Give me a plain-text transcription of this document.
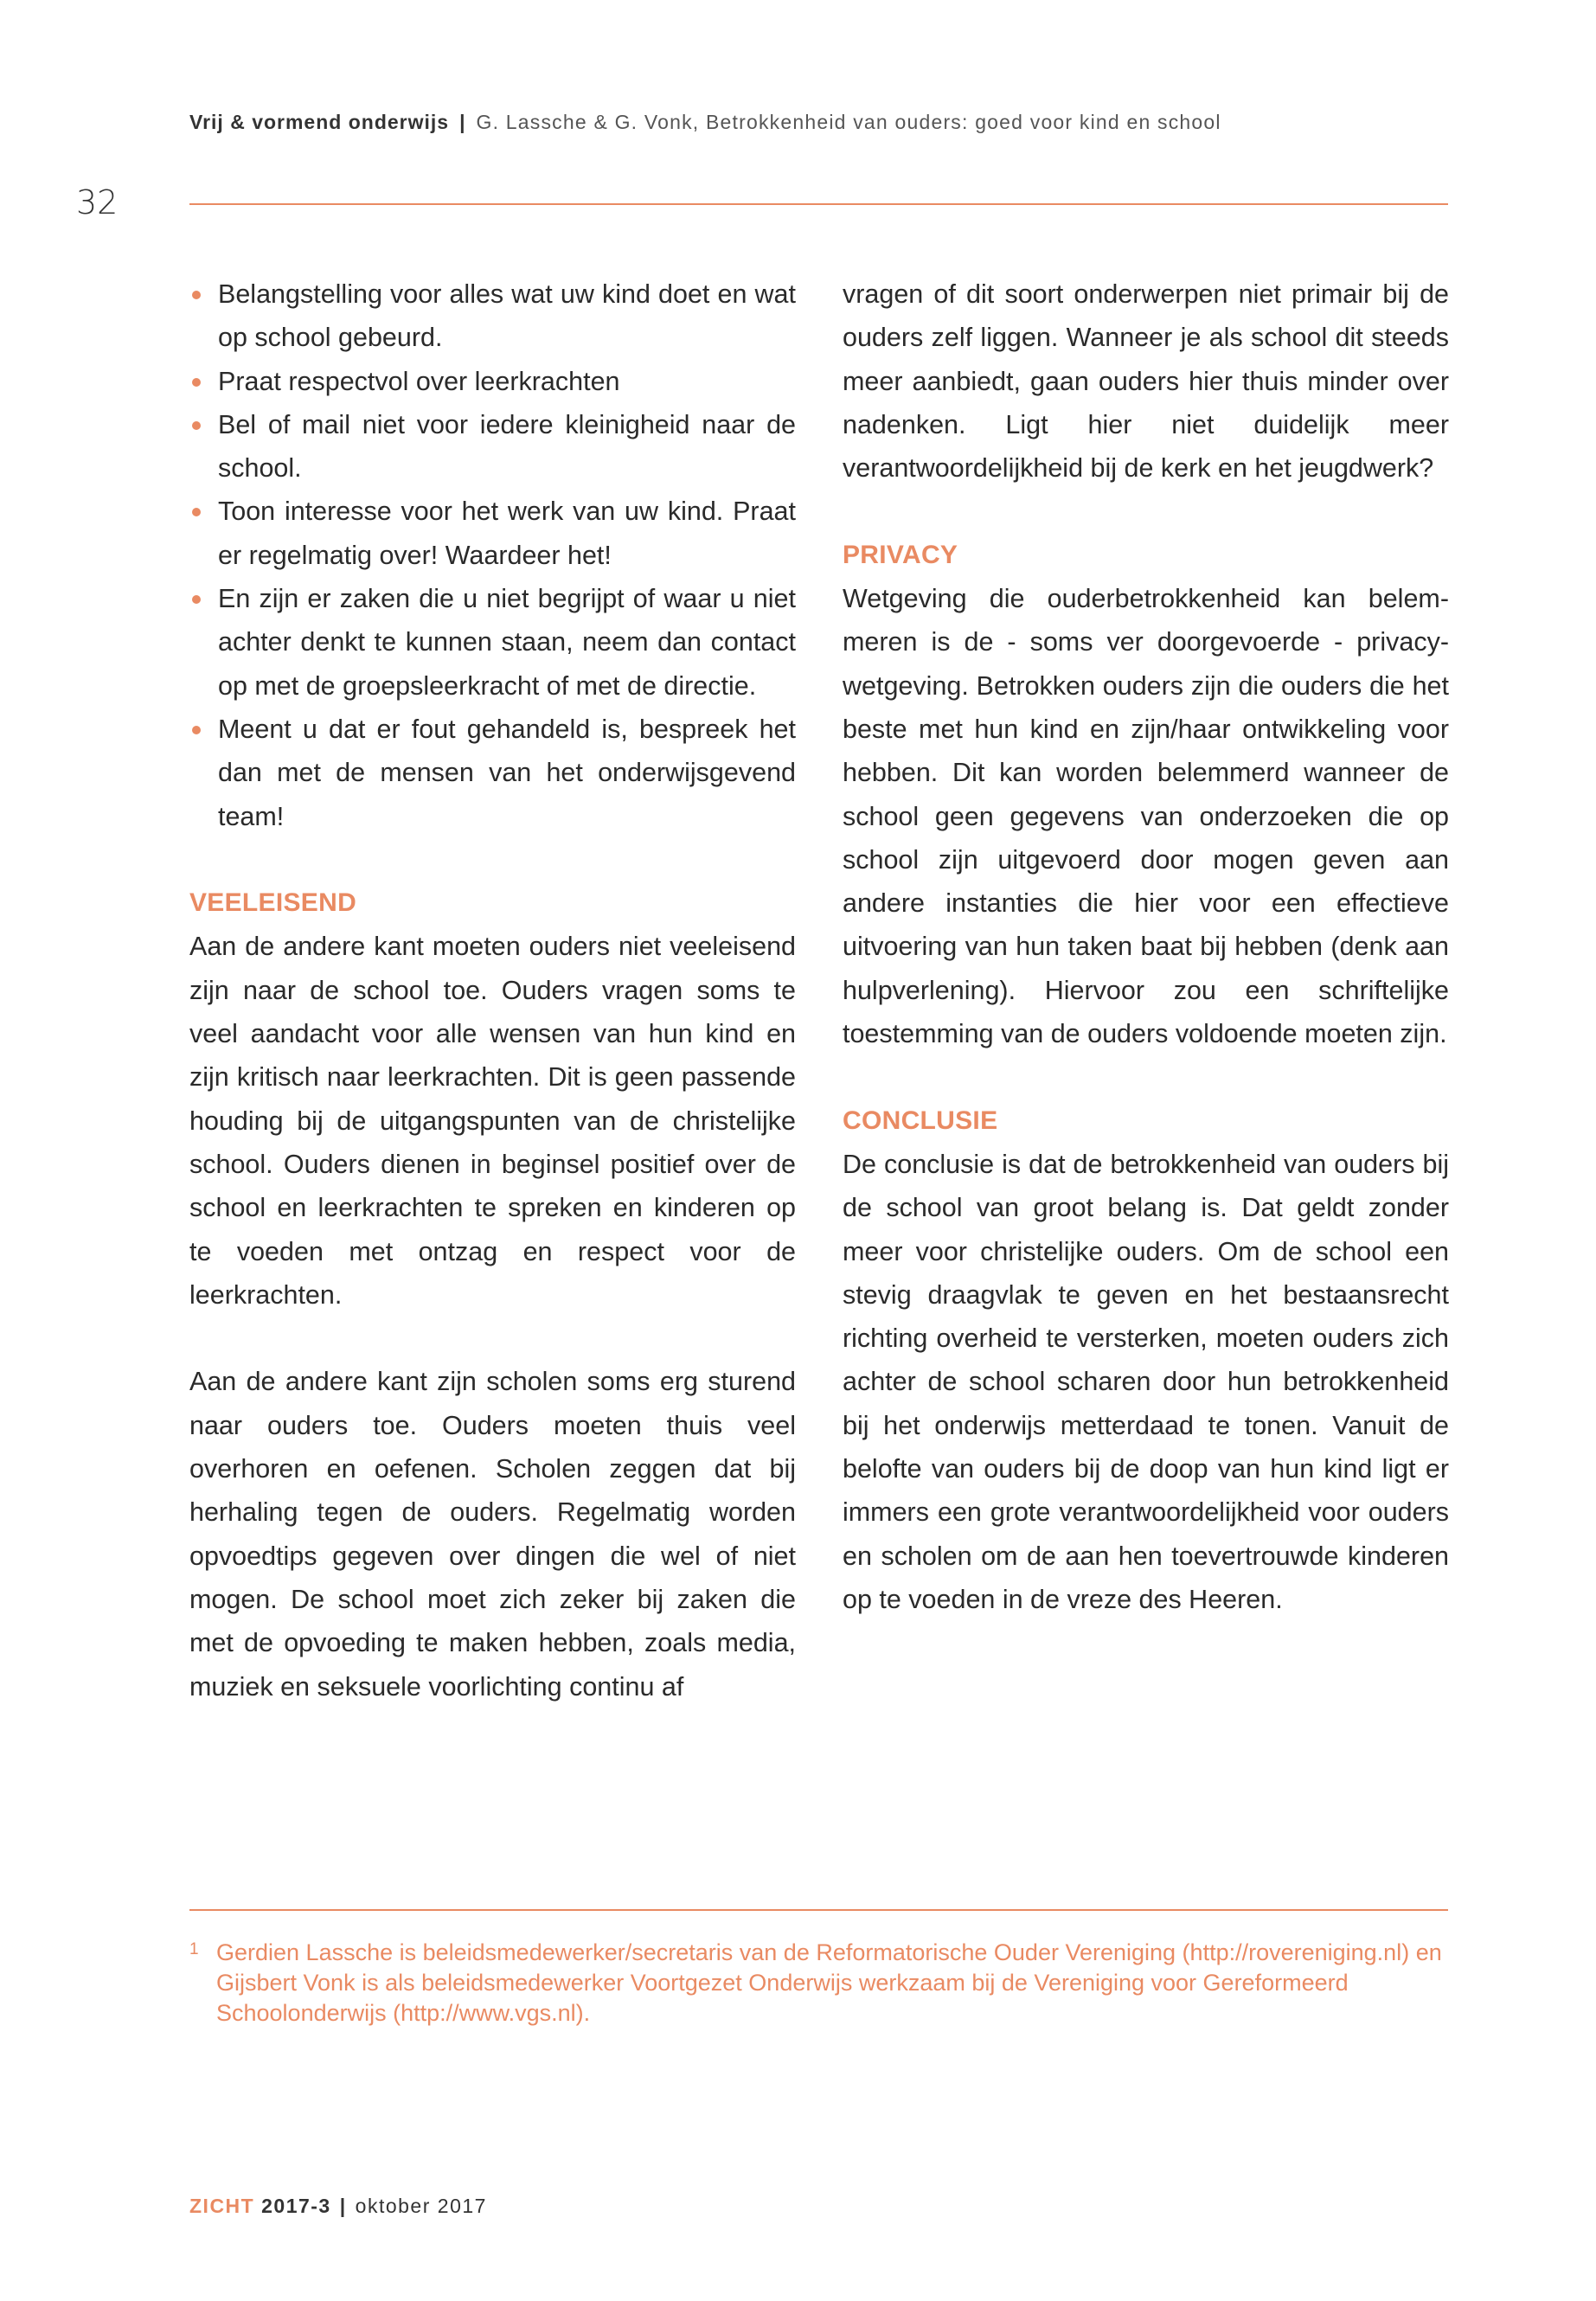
Vrij & vormend onderwijs | G. Lassche & G. Vonk, Betrokkenheid van ouders: goed voor kind en school
32
Belangstelling voor alles wat uw kind doet en wat op school gebeurd.
Praat respectvol over leerkrachten
Bel of mail niet voor iedere kleinigheid naar de school.
Toon interesse voor het werk van uw kind. Praat er regelmatig over! Waardeer het!
En zijn er zaken die u niet begrijpt of waar u niet achter denkt te kunnen staan, neem dan contact op met de groepsleerkracht of met de directie.
Meent u dat er fout gehandeld is, bespreek het dan met de mensen van het onderwijsgevend team!
VEELEISEND

Aan de andere kant moeten ouders niet veeleisend zijn naar de school toe. Ouders vragen soms te veel aandacht voor alle wensen van hun kind en zijn kritisch naar leerkrachten. Dit is geen passende houding bij de uitgangspunten van de christelijke school. Ouders dienen in beginsel positief over de school en leerkrachten te spreken en kinderen op te voeden met ontzag en respect voor de leerkrachten.

Aan de andere kant zijn scholen soms erg sturend naar ouders toe. Ouders moeten thuis veel overhoren en oefenen. Scholen zeggen dat bij herhaling tegen de ouders. Regelmatig worden opvoedtips gegeven over dingen die wel of niet mogen. De school moet zich zeker bij zaken die met de opvoeding te maken hebben, zoals media, muziek en seksuele voorlichting continu af

vragen of dit soort onderwerpen niet primair bij de ouders zelf liggen. Wanneer je als school dit steeds meer aanbiedt, gaan ouders hier thuis minder over nadenken. Ligt hier niet duidelijk meer verantwoordelijkheid bij de kerk en het jeugdwerk?

PRIVACY

Wetgeving die ouderbetrokkenheid kan belemmeren is de - soms ver doorgevoerde - privacywetgeving. Betrokken ouders zijn die ouders die het beste met hun kind en zijn/haar ontwikkeling voor hebben. Dit kan worden belemmerd wanneer de school geen gegevens van onderzoeken die op school zijn uitgevoerd door mogen geven aan andere instanties die hier voor een effectieve uitvoering van hun taken baat bij hebben (denk aan hulpverlening). Hiervoor zou een schriftelijke toestemming van de ouders voldoende moeten zijn.

CONCLUSIE

De conclusie is dat de betrokkenheid van ouders bij de school van groot belang is. Dat geldt zonder meer voor christelijke ouders. Om de school een stevig draagvlak te geven en het bestaansrecht richting overheid te versterken, moeten ouders zich achter de school scharen door hun betrokkenheid bij het onderwijs metterdaad te tonen. Vanuit de belofte van ouders bij de doop van hun kind ligt er immers een grote verantwoordelijkheid voor ouders en scholen om de aan hen toevertrouwde kinderen op te voeden in de vreze des Heeren.

1 Gerdien Lassche is beleidsmedewerker/secretaris van de Reformatorische Ouder Vereniging (http://roverenіging.nl) en Gijsbert Vonk is als beleidsmedewerker Voortgezet Onderwijs werkzaam bij de Vereniging voor Gereformeerd Schoolonderwijs (http://www.vgs.nl).
ZICHT 2017-3 | oktober 2017
